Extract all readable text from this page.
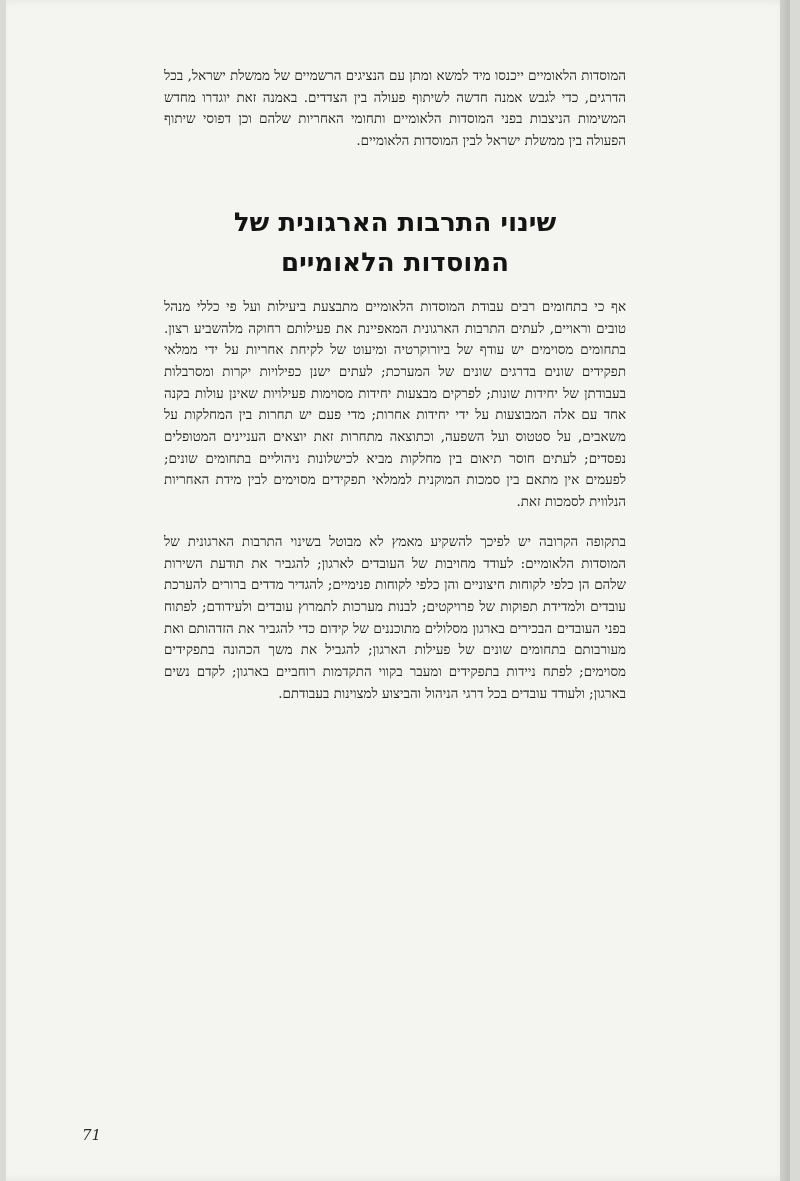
המוסדות הלאומיים ייכנסו מיד למשא ומתן עם הנציגים הרשמיים של ממשלת ישראל, בכל הדרגים, כדי לגבש אמנה חדשה לשיתוף פעולה בין הצדדים. באמנה זאת יוגדרו מחדש המשימות הניצבות בפני המוסדות הלאומיים ותחומי האחריות שלהם וכן דפוסי שיתוף הפעולה בין ממשלת ישראל לבין המוסדות הלאומיים.

שינוי התרבות הארגונית של
המוסדות הלאומיים

אף כי בתחומים רבים עבודת המוסדות הלאומיים מתבצעת ביעילות ועל פי כללי מנהל טובים וראויים, לעתים התרבות הארגונית המאפיינת את פעילותם רחוקה מלהשביע רצון. בתחומים מסוימים יש עודף של ביורוקרטיה ומיעוט של לקיחת אחריות על ידי ממלאי תפקידים שונים בדרגים שונים של המערכת; לעתים ישנן כפילויות יקרות ומסרבלות בעבודתן של יחידות שונות; לפרקים מבצעות יחידות מסוימות פעילויות שאינן עולות בקנה אחד עם אלה המבוצעות על ידי יחידות אחרות; מדי פעם יש תחרות בין המחלקות על משאבים, על סטטוס ועל השפעה, וכתוצאה מתחרות זאת יוצאים העניינים המטופלים נפסדים; לעתים חוסר תיאום בין מחלקות מביא לכישלונות ניהוליים בתחומים שונים; לפעמים אין מתאם בין סמכות המוקנית לממלאי תפקידים מסוימים לבין מידת האחריות הנלווית לסמכות זאת.

בתקופה הקרובה יש לפיכך להשקיע מאמץ לא מבוטל בשינוי התרבות הארגונית של המוסדות הלאומיים: לעודד מחויבות של העובדים לארגון; להגביר את תודעת השירות שלהם הן כלפי לקוחות חיצוניים והן כלפי לקוחות פנימיים; להגדיר מדדים ברורים להערכת עובדים ולמדידת תפוקות של פרויקטים; לבנות מערכות לתמרוץ עובדים ולעידודם; לפתוח בפני העובדים הבכירים בארגון מסלולים מתוכננים של קידום כדי להגביר את הזדהותם ואת מעורבותם בתחומים שונים של פעילות הארגון; להגביל את משך הכהונה בתפקידים מסוימים; לפתח ניידות בתפקידים ומעבר בקווי התקדמות רוחביים בארגון; לקדם נשים בארגון; ולעודד עובדים בכל דרגי הניהול והביצוע למצוינות בעבודתם.

71
